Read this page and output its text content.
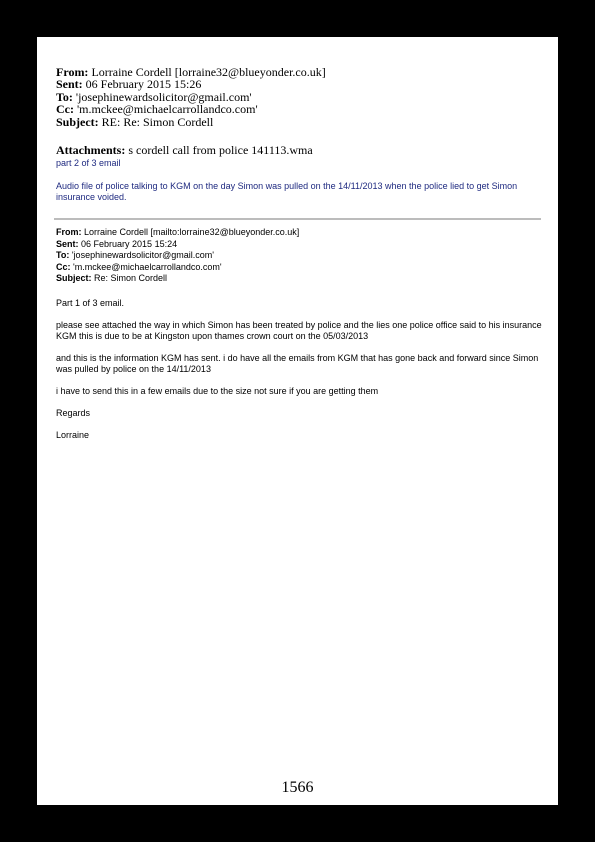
From: Lorraine Cordell [lorraine32@blueyonder.co.uk]
Sent: 06 February 2015 15:26
To: 'josephinewardsolicitor@gmail.com'
Cc: 'm.mckee@michaelcarrollandco.com'
Subject: RE: Re: Simon Cordell
Attachments: s cordell call from police 141113.wma
part 2 of 3 email
Audio file of police talking to KGM on the day Simon was pulled on the 14/11/2013 when the police lied to get Simon insurance voided.
From: Lorraine Cordell [mailto:lorraine32@blueyonder.co.uk]
Sent: 06 February 2015 15:24
To: 'josephinewardsolicitor@gmail.com'
Cc: 'm.mckee@michaelcarrollandco.com'
Subject: Re: Simon Cordell

Part 1 of 3 email.

please see attached the way in which Simon has been treated by police and the lies one police office said to his insurance KGM this is due to be at Kingston upon thames crown court on the 05/03/2013

and this is the information KGM has sent. i do have all the emails from KGM that has gone back and forward since Simon was pulled by police on the 14/11/2013

i have to send this in a few emails due to the size not sure if you are getting them

Regards

Lorraine

1566
